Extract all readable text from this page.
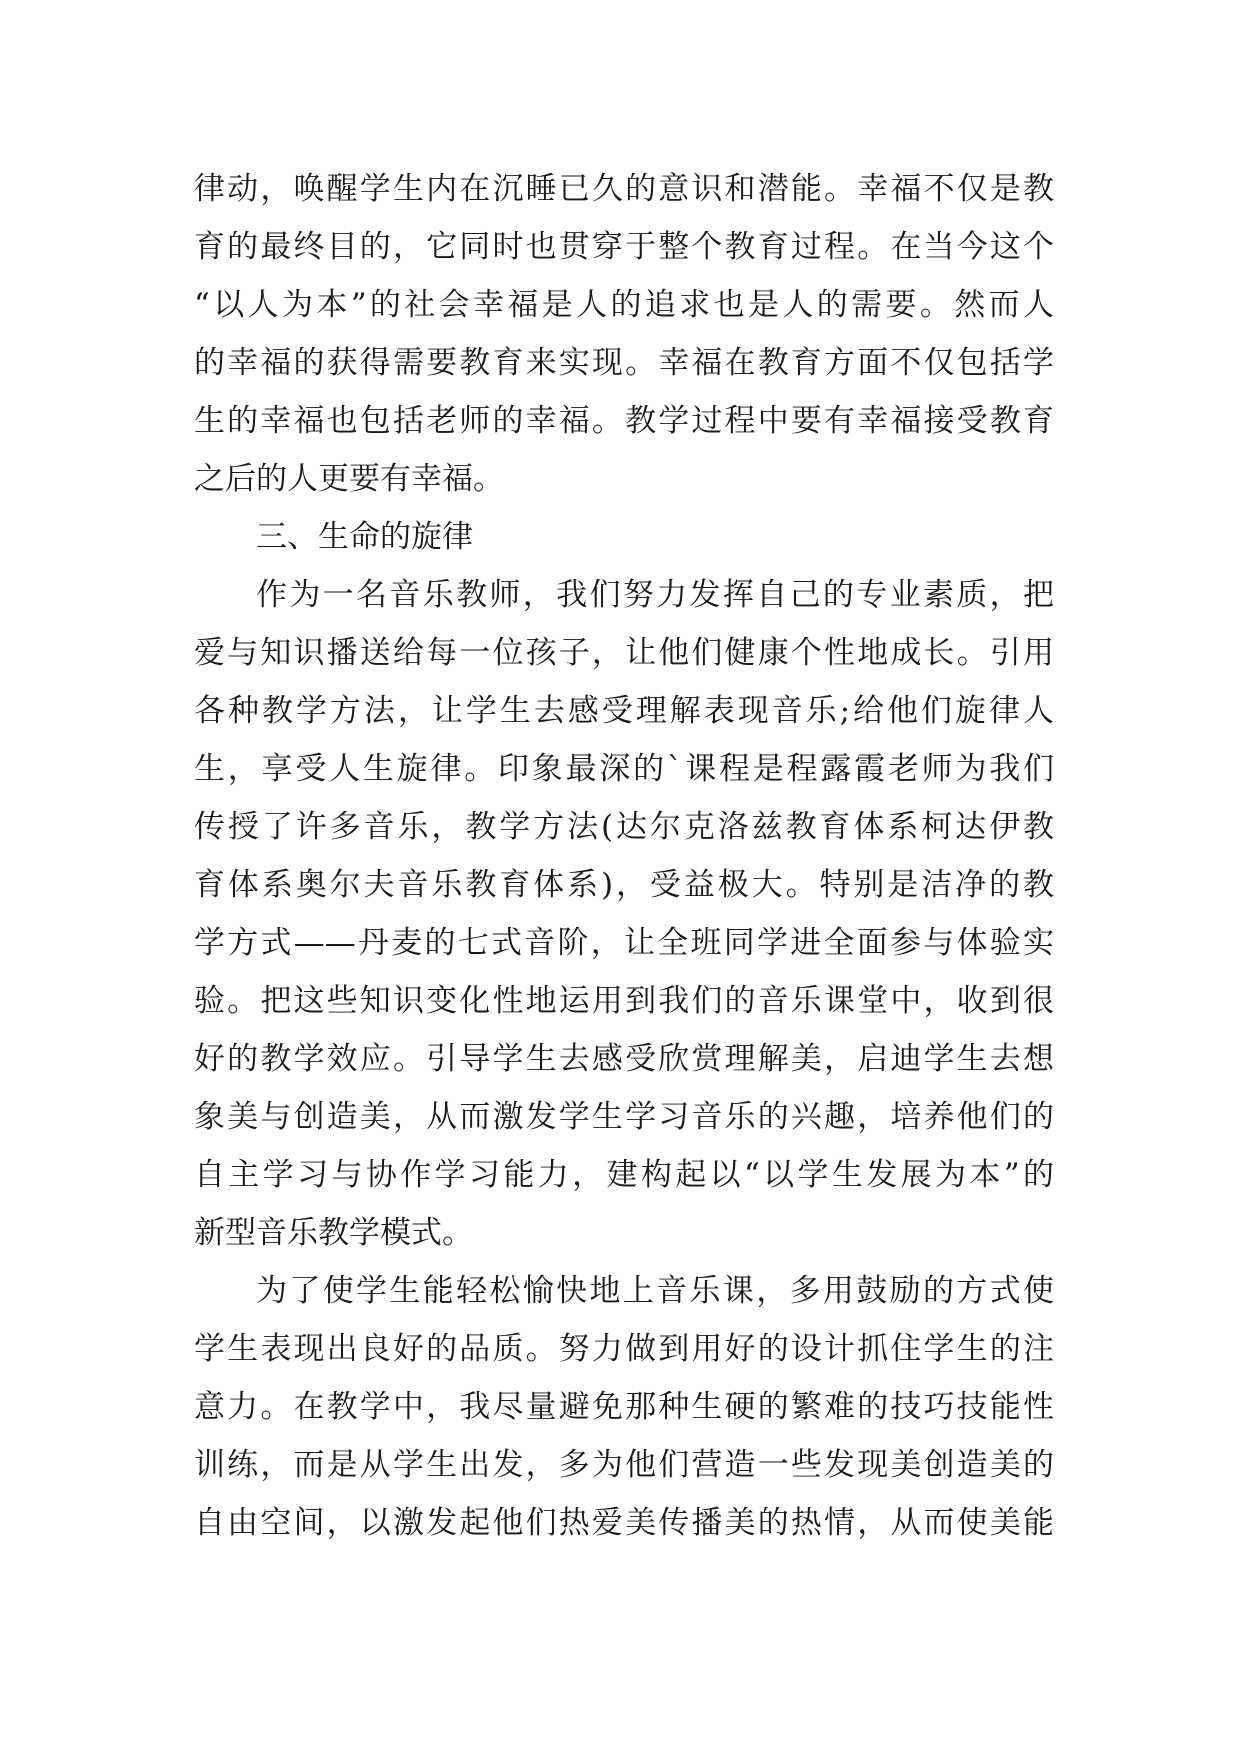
律动，唤醒学生内在沉睡已久的意识和潜能。幸福不仅是教
育的最终目的，它同时也贯穿于整个教育过程。在当今这个
“以人为本”的社会幸福是人的追求也是人的需要。然而人
的幸福的获得需要教育来实现。幸福在教育方面不仅包括学
生的幸福也包括老师的幸福。教学过程中要有幸福接受教育
之后的人更要有幸福。
三、生命的旋律
作为一名音乐教师，我们努力发挥自己的专业素质，把
爱与知识播送给每一位孩子，让他们健康个性地成长。引用
各种教学方法，让学生去感受理解表现音乐;给他们旋律人
生，享受人生旋律。印象最深的`课程是程露霞老师为我们
传授了许多音乐，教学方法(达尔克洛兹教育体系柯达伊教
育体系奥尔夫音乐教育体系)，受益极大。特别是洁净的教
学方式——丹麦的七式音阶，让全班同学进全面参与体验实
验。把这些知识变化性地运用到我们的音乐课堂中，收到很
好的教学效应。引导学生去感受欣赏理解美，启迪学生去想
象美与创造美，从而激发学生学习音乐的兴趣，培养他们的
自主学习与协作学习能力，建构起以“以学生发展为本”的
新型音乐教学模式。
为了使学生能轻松愉快地上音乐课，多用鼓励的方式使
学生表现出良好的品质。努力做到用好的设计抓住学生的注
意力。在教学中，我尽量避免那种生硬的繁难的技巧技能性
训练，而是从学生出发，多为他们营造一些发现美创造美的
自由空间，以激发起他们热爱美传播美的热情，从而使美能
